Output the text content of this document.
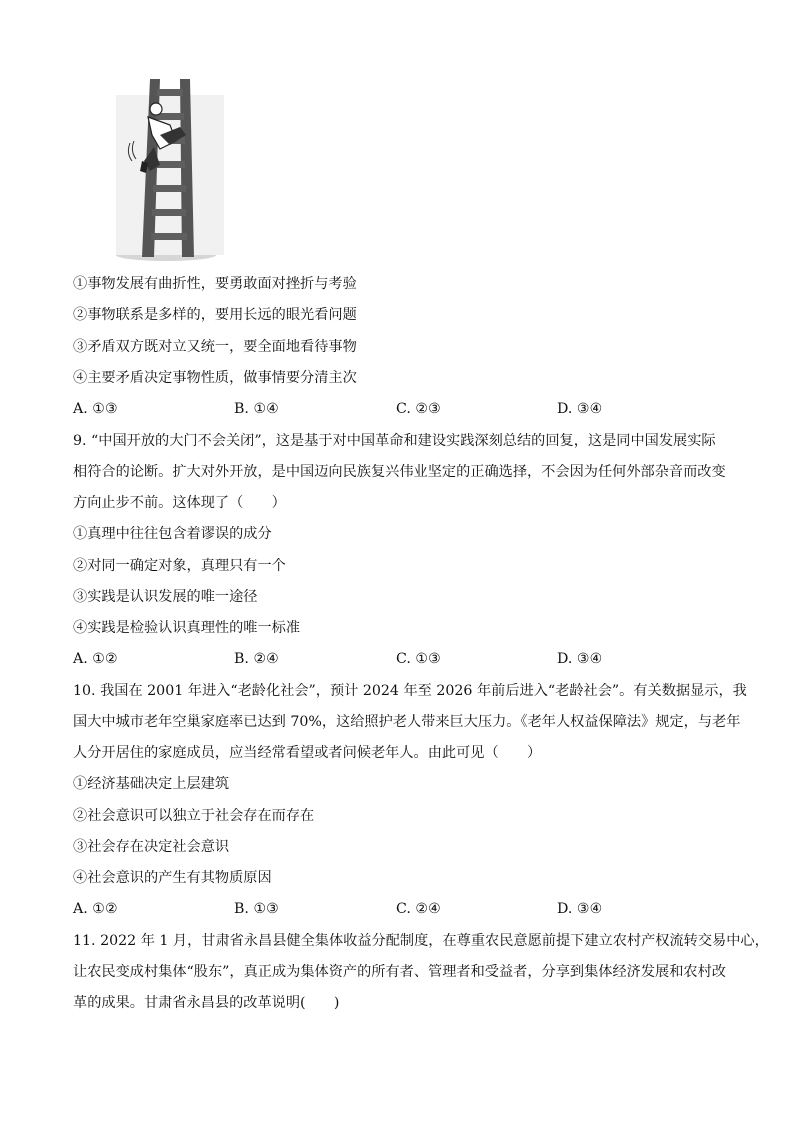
①事物发展有曲折性，要勇敢面对挫折与考验
②事物联系是多样的，要用长远的眼光看问题
③矛盾双方既对立又统一，要全面地看待事物
④主要矛盾决定事物性质，做事情要分清主次
A. ①③	B. ①④	C. ②③	D. ③④
9. “中国开放的大门不会关闭”，这是基于对中国革命和建设实践深刻总结的回复，这是同中国发展实际
相符合的论断。扩大对外开放，是中国迈向民族复兴伟业坚定的正确选择，不会因为任何外部杂音而改变
方向止步不前。这体现了（　　）
①真理中往往包含着谬误的成分
②对同一确定对象，真理只有一个
③实践是认识发展的唯一途径
④实践是检验认识真理性的唯一标准
A. ①②	B. ②④	C. ①③	D. ③④
10. 我国在 2001 年进入“老龄化社会”，预计 2024 年至 2026 年前后进入“老龄社会”。有关数据显示，我
国大中城市老年空巢家庭率已达到 70%，这给照护老人带来巨大压力。《老年人权益保障法》规定，与老年
人分开居住的家庭成员，应当经常看望或者问候老年人。由此可见（　　）
①经济基础决定上层建筑
②社会意识可以独立于社会存在而存在
③社会存在决定社会意识
④社会意识的产生有其物质原因
A. ①②	B. ①③	C. ②④	D. ③④
11. 2022 年 1 月，甘肃省永昌县健全集体收益分配制度，在尊重农民意愿前提下建立农村产权流转交易中心，
让农民变成村集体“股东”，真正成为集体资产的所有者、管理者和受益者，分享到集体经济发展和农村改
革的成果。甘肃省永昌县的改革说明(　　)
